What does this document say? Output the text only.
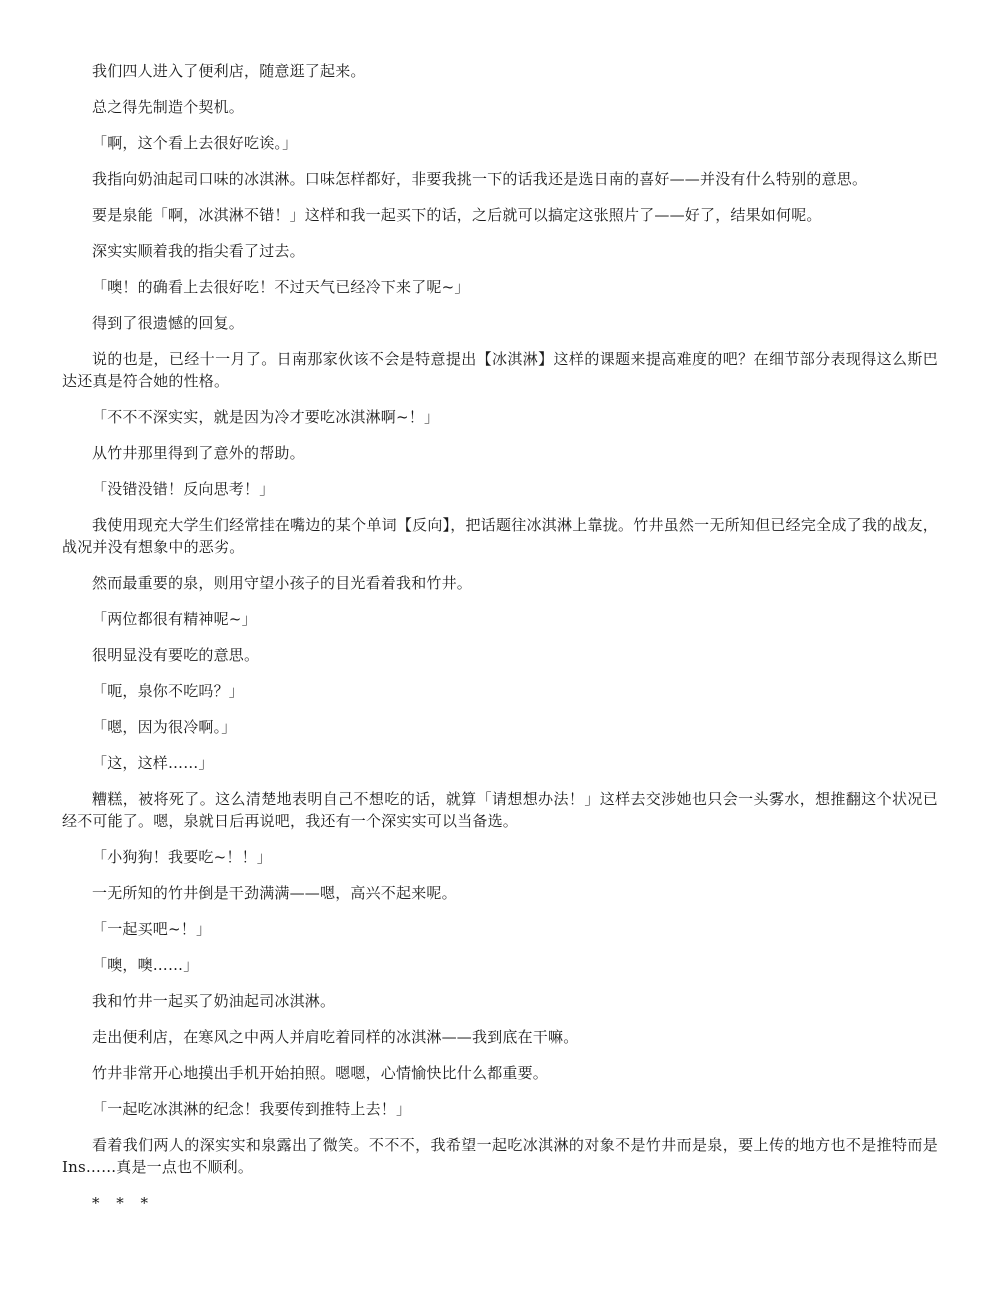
我们四人进入了便利店，随意逛了起来。

总之得先制造个契机。

「啊，这个看上去很好吃诶。」

我指向奶油起司口味的冰淇淋。口味怎样都好，非要我挑一下的话我还是选日南的喜好——并没有什么特别的意思。

要是泉能「啊，冰淇淋不错！」这样和我一起买下的话，之后就可以搞定这张照片了——好了，结果如何呢。

深实实顺着我的指尖看了过去。

「噢！的确看上去很好吃！不过天气已经冷下来了呢~」

得到了很遗憾的回复。

说的也是，已经十一月了。日南那家伙该不会是特意提出【冰淇淋】这样的课题来提高难度的吧？在细节部分表现得这么斯巴达还真是符合她的性格。

「不不不深实实，就是因为冷才要吃冰淇淋啊~！」

从竹井那里得到了意外的帮助。

「没错没错！反向思考！」

我使用现充大学生们经常挂在嘴边的某个单词【反向】，把话题往冰淇淋上靠拢。竹井虽然一无所知但已经完全成了我的战友，战况并没有想象中的恶劣。

然而最重要的泉，则用守望小孩子的目光看着我和竹井。

「两位都很有精神呢~」

很明显没有要吃的意思。

「呃，泉你不吃吗？」

「嗯，因为很冷啊。」

「这，这样……」

糟糕，被将死了。这么清楚地表明自己不想吃的话，就算「请想想办法！」这样去交涉她也只会一头雾水，想推翻这个状况已经不可能了。嗯，泉就日后再说吧，我还有一个深实实可以当备选。

「小狗狗！我要吃~！！」

一无所知的竹井倒是干劲满满——嗯，高兴不起来呢。

「一起买吧~！」

「噢，噢……」

我和竹井一起买了奶油起司冰淇淋。

走出便利店，在寒风之中两人并肩吃着同样的冰淇淋——我到底在干嘛。

竹井非常开心地摸出手机开始拍照。嗯嗯，心情愉快比什么都重要。

「一起吃冰淇淋的纪念！我要传到推特上去！」

看着我们两人的深实实和泉露出了微笑。不不不，我希望一起吃冰淇淋的对象不是竹井而是泉，要上传的地方也不是推特而是Ins……真是一点也不顺利。

* * *
